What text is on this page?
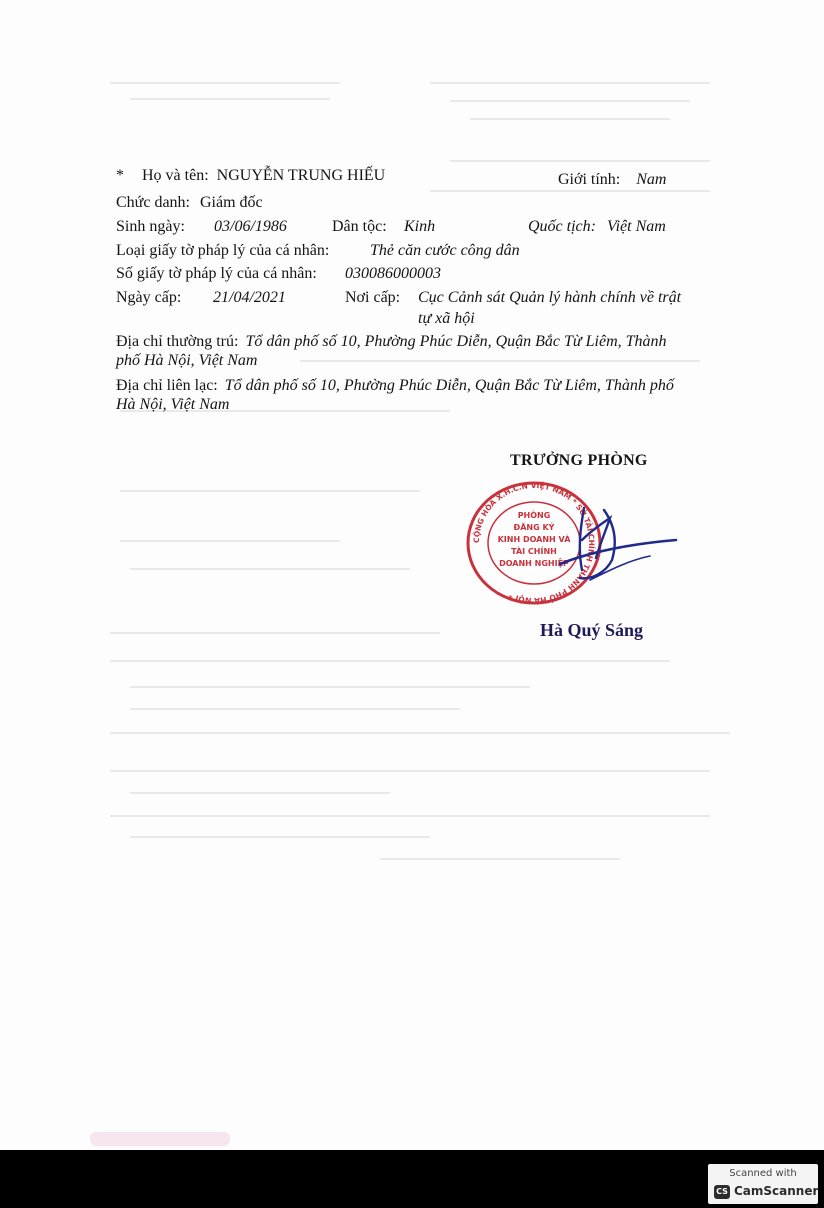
* Họ và tên: NGUYỄN TRUNG HIẾU	Giới tính: Nam
Chức danh: Giám đốc
Sinh ngày: 03/06/1986	Dân tộc: Kinh	Quốc tịch: Việt Nam
Loại giấy tờ pháp lý của cá nhân:	Thẻ căn cước công dân
Số giấy tờ pháp lý của cá nhân: 030086000003
Ngày cấp: 21/04/2021	Nơi cấp: Cục Cảnh sát Quản lý hành chính về trật
tự xã hội
Địa chỉ thường trú: Tổ dân phố số 10, Phường Phúc Diễn, Quận Bắc Từ Liêm, Thành
phố Hà Nội, Việt Nam
Địa chỉ liên lạc: Tổ dân phố số 10, Phường Phúc Diễn, Quận Bắc Từ Liêm, Thành phố
Hà Nội, Việt Nam
TRƯỞNG PHÒNG
CỘNG HÒA X.H.C.N VIỆT NAM * SỞ TÀI CHÍNH THÀNH PHỐ HÀ NỘI *
PHÒNG
ĐĂNG KÝ
KINH DOANH VÀ
TÀI CHÍNH
DOANH NGHIỆP
Hà Quý Sáng
Scanned with
CS CamScanner
